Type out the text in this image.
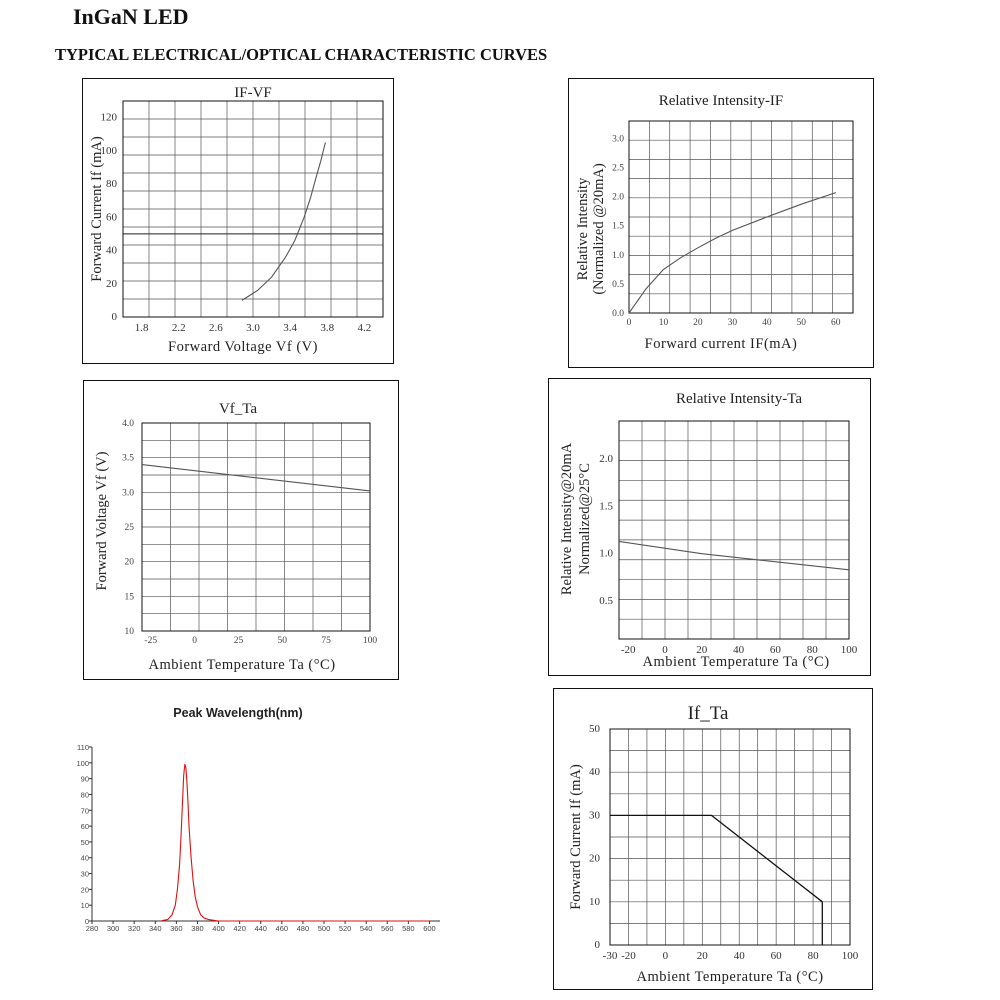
InGaN LED
TYPICAL ELECTRICAL/OPTICAL CHARACTERISTIC CURVES
IF-VF
1.8 2.2 2.6 3.0 3.4 3.8 4.2
0
20
40
60
80
100
120
Forward Voltage Vf (V)
Forward Current If (mA)
Relative Intensity-IF
0	10	20	30	40	50	60
0.0
0.5
1.0
1.5
2.0
2.5
3.0
Forward current IF(mA)
Relative Intensity (Normalized @20mA)
Vf_Ta
-25	0	25	50	75	100
10
15
20
25
3.0
3.5
4.0
Ambient Temperature Ta (°C)
Forward Voltage Vf (V)
Relative Intensity-Ta
-20 0	20 40 60 80 100
0.5
1.0
1.5
2.0
Ambient Temperature Ta (°C)
Relative Intensity@20mA Normalized@25°C
Peak Wavelength(nm)
280 300 320 340 360 380 400 420 440 460 480 500 520 540 560 580 600
0
10
20
30
40
50
60
70
80
90
100
110
If_Ta
-30 -20 0	20 40 60 80 100
0
10
20
30
40
50
Ambient Temperature Ta (°C)
Forward Current If (mA)
